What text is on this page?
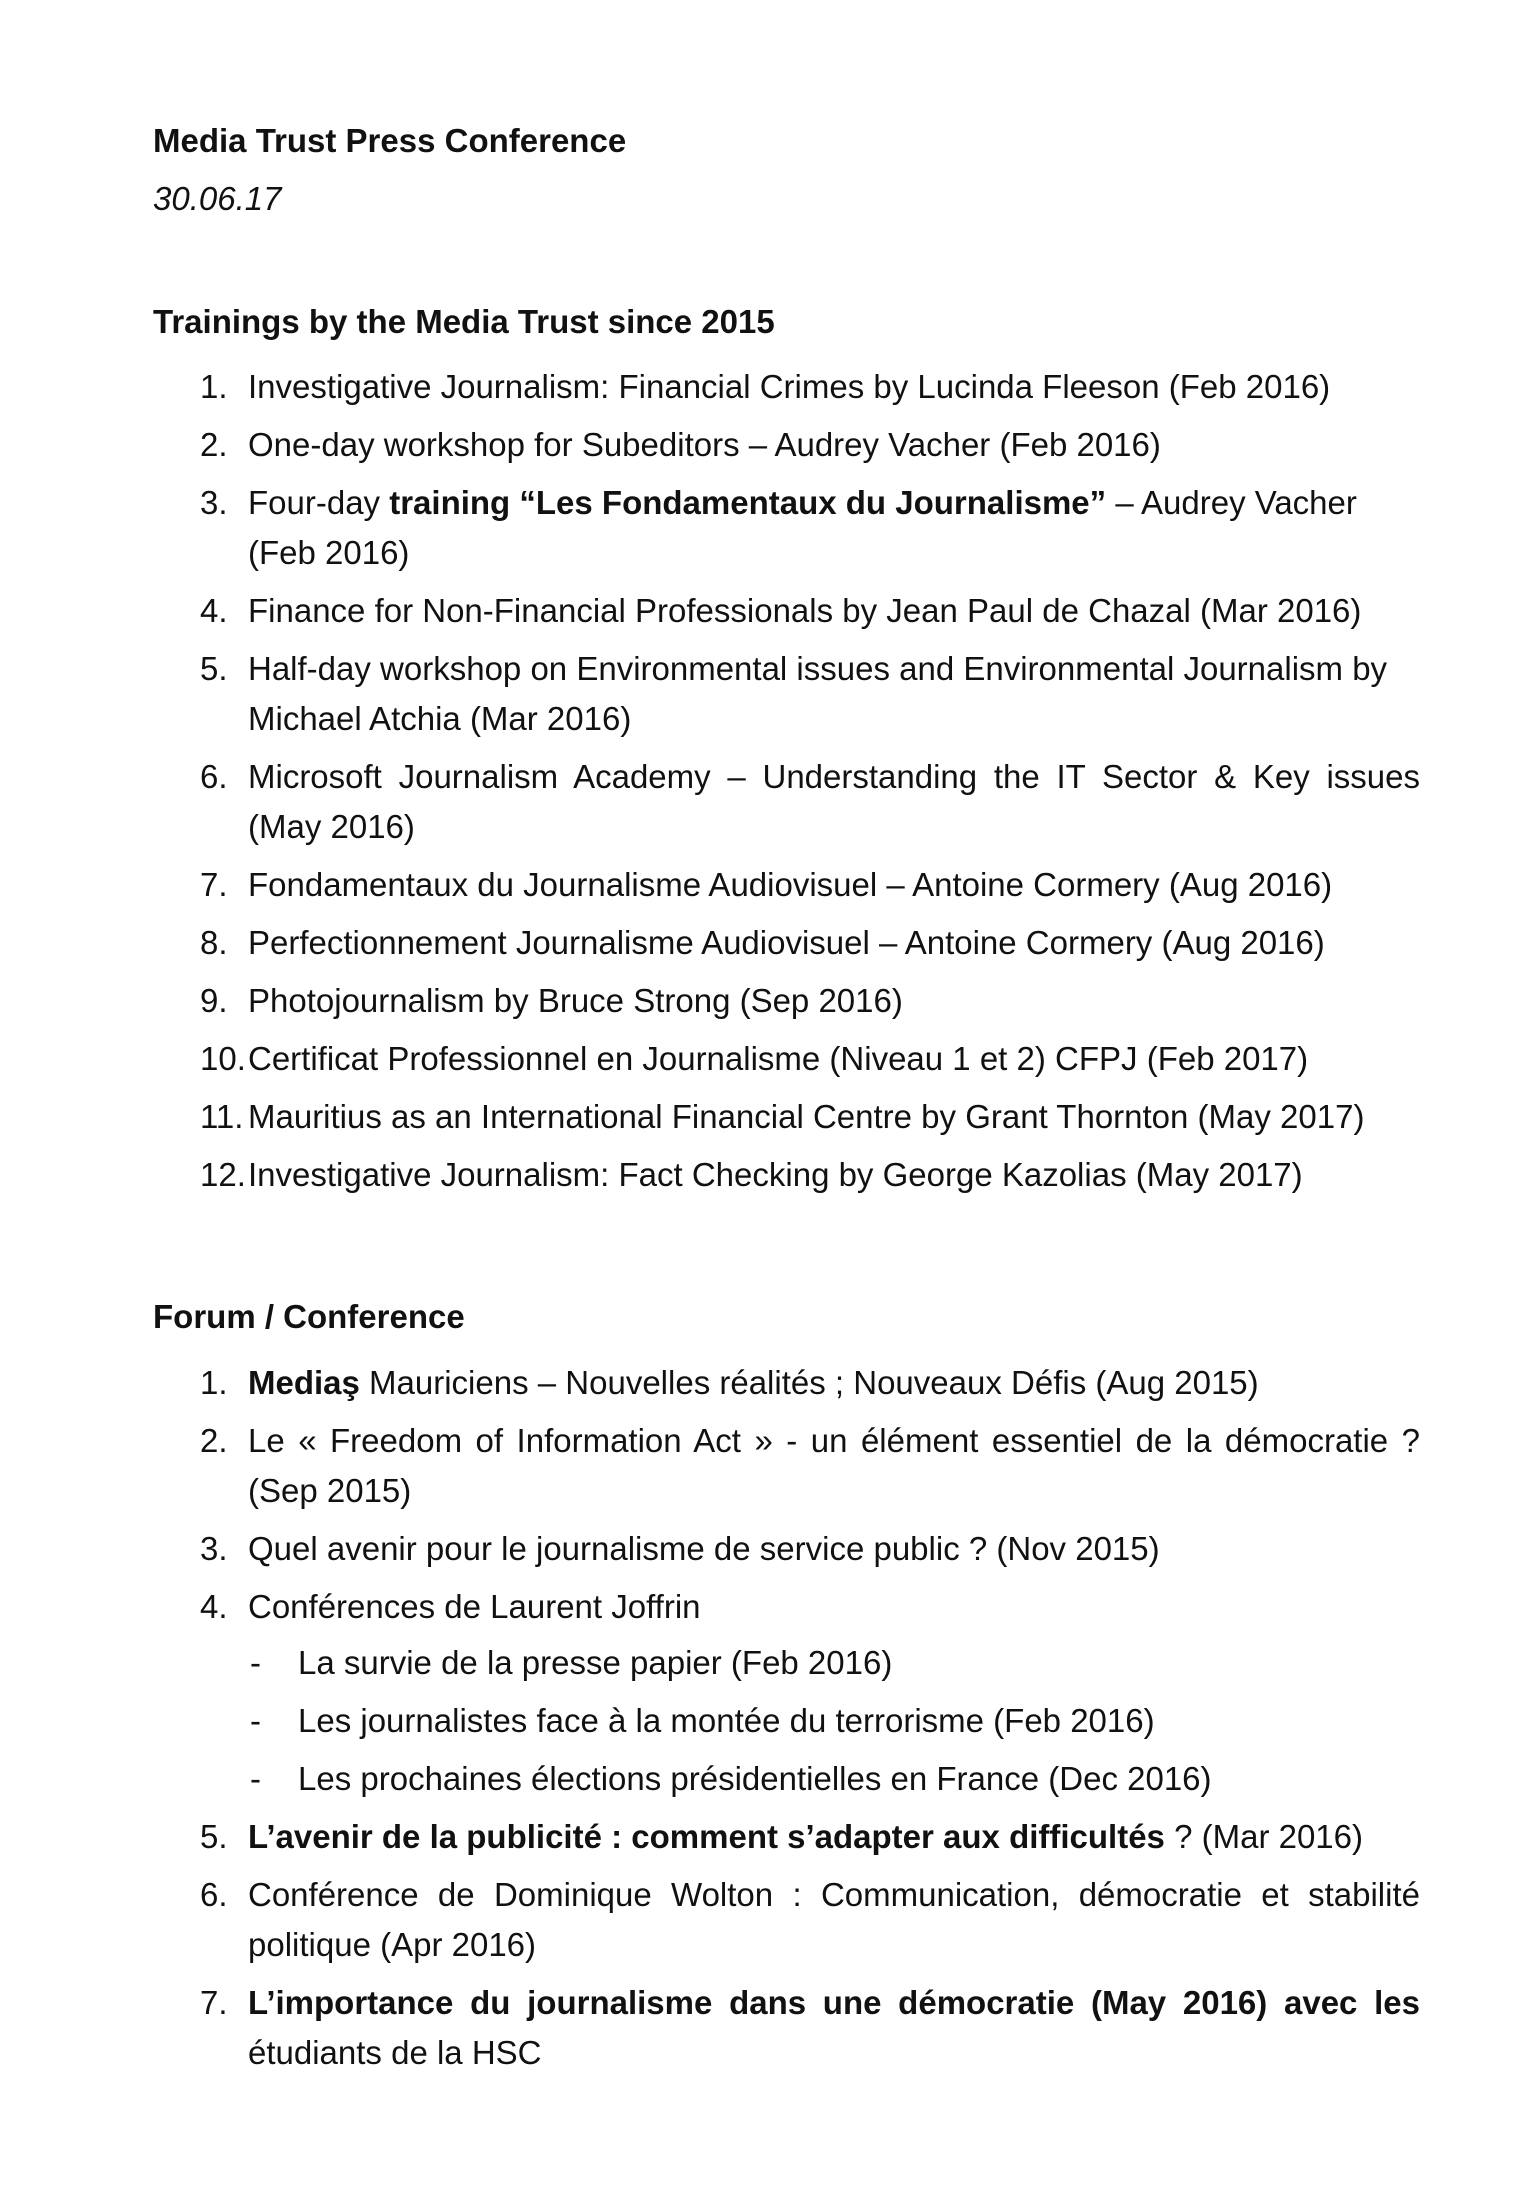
Media Trust Press Conference
30.06.17
Trainings by the Media Trust since 2015
1. Investigative Journalism: Financial Crimes by Lucinda Fleeson (Feb 2016)
2. One-day workshop for Subeditors – Audrey Vacher (Feb 2016)
3. Four-day training “Les Fondamentaux du Journalisme” – Audrey Vacher (Feb 2016)
4. Finance for Non-Financial Professionals by Jean Paul de Chazal (Mar 2016)
5. Half-day workshop on Environmental issues and Environmental Journalism by Michael Atchia (Mar 2016)
6. Microsoft Journalism Academy – Understanding the IT Sector & Key issues (May 2016)
7. Fondamentaux du Journalisme Audiovisuel – Antoine Cormery (Aug 2016)
8. Perfectionnement Journalisme Audiovisuel – Antoine Cormery (Aug 2016)
9. Photojournalism by Bruce Strong (Sep 2016)
10. Certificat Professionnel en Journalisme (Niveau 1 et 2) CFPJ (Feb 2017)
11. Mauritius as an International Financial Centre by Grant Thornton (May 2017)
12. Investigative Journalism: Fact Checking by George Kazolias (May 2017)
Forum / Conference
1. Mediaş Mauriciens – Nouvelles réalités ; Nouveaux Défis (Aug 2015)
2. Le « Freedom of Information Act » - un élément essentiel de la démocratie ? (Sep 2015)
3. Quel avenir pour le journalisme de service public ? (Nov 2015)
4. Conférences de Laurent Joffrin
- La survie de la presse papier (Feb 2016)
- Les journalistes face à la montée du terrorisme (Feb 2016)
- Les prochaines élections présidentielles en France (Dec 2016)
5. L’avenir de la publicité : comment s’adapter aux difficultés ? (Mar 2016)
6. Conférence de Dominique Wolton : Communication, démocratie et stabilité politique (Apr 2016)
7. L’importance du journalisme dans une démocratie (May 2016) avec les étudiants de la HSC
